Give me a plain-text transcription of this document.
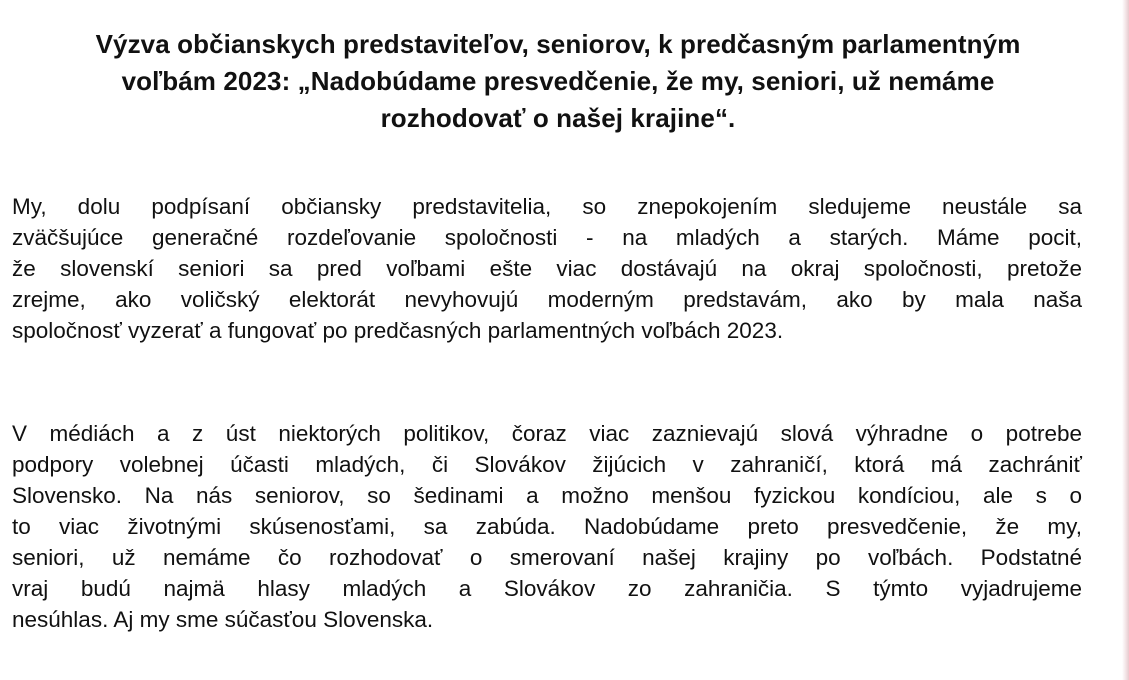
Výzva občianskych predstaviteľov, seniorov, k predčasným parlamentným
voľbám 2023: „Nadobúdame presvedčenie, že my, seniori, už nemáme
rozhodovať o našej krajine“.

My, dolu podpísaní občiansky predstavitelia, so znepokojením sledujeme neustále sa
zväčšujúce generačné rozdeľovanie spoločnosti - na mladých a starých. Máme pocit,
že slovenskí seniori sa pred voľbami ešte viac dostávajú na okraj spoločnosti, pretože
zrejme, ako voličský elektorát nevyhovujú moderným predstavám, ako by mala naša
spoločnosť vyzerať a fungovať po predčasných parlamentných voľbách 2023.

V médiách a z úst niektorých politikov, čoraz viac zaznievajú slová výhradne o potrebe
podpory volebnej účasti mladých, či Slovákov žijúcich v zahraničí, ktorá má zachrániť
Slovensko. Na nás seniorov, so šedinami a možno menšou fyzickou kondíciou, ale s o
to viac životnými skúsenosťami, sa zabúda. Nadobúdame preto presvedčenie, že my,
seniori, už nemáme čo rozhodovať o smerovaní našej krajiny po voľbách. Podstatné
vraj budú najmä hlasy mladých a Slovákov zo zahraničia. S týmto vyjadrujeme
nesúhlas. Aj my sme súčasťou Slovenska.
